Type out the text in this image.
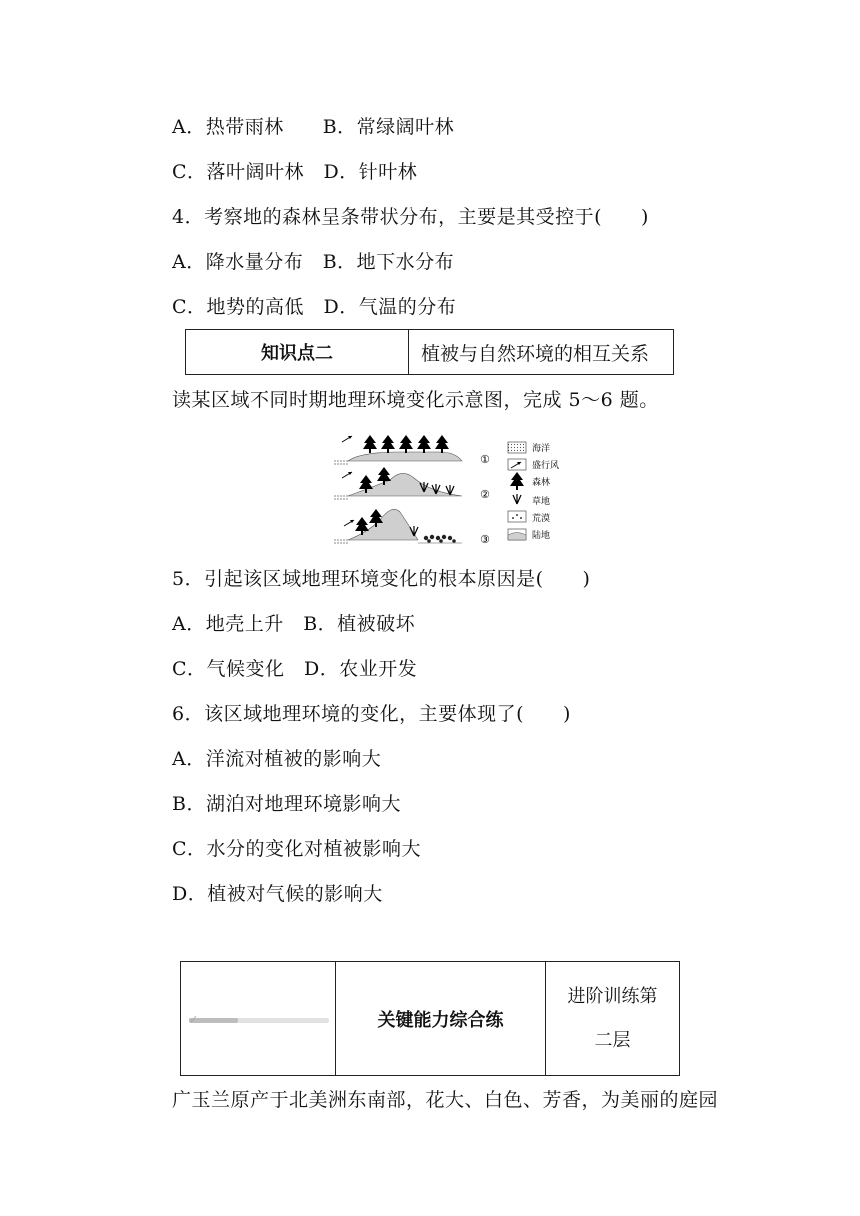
A．热带雨林　　B．常绿阔叶林
C．落叶阔叶林　D．针叶林
4．考察地的森林呈条带状分布，主要是其受控于(　　)
A．降水量分布　B．地下水分布
C．地势的高低　D．气温的分布
知识点二	植被与自然环境的相互关系
读某区域不同时期地理环境变化示意图，完成 5～6 题。
①
②
③
海洋
盛行风
森林
草地
荒漠
陆地
5．引起该区域地理环境变化的根本原因是(　　)
A．地壳上升　B．植被破坏
C．气候变化　D．农业开发
6．该区域地理环境的变化，主要体现了(　　)
A．洋流对植被的影响大
B．湖泊对地理环境影响大
C．水分的变化对植被影响大
D．植被对气候的影响大
✓	关键能力综合练
进阶训练第
二层
广玉兰原产于北美洲东南部，花大、白色、芳香，为美丽的庭园
